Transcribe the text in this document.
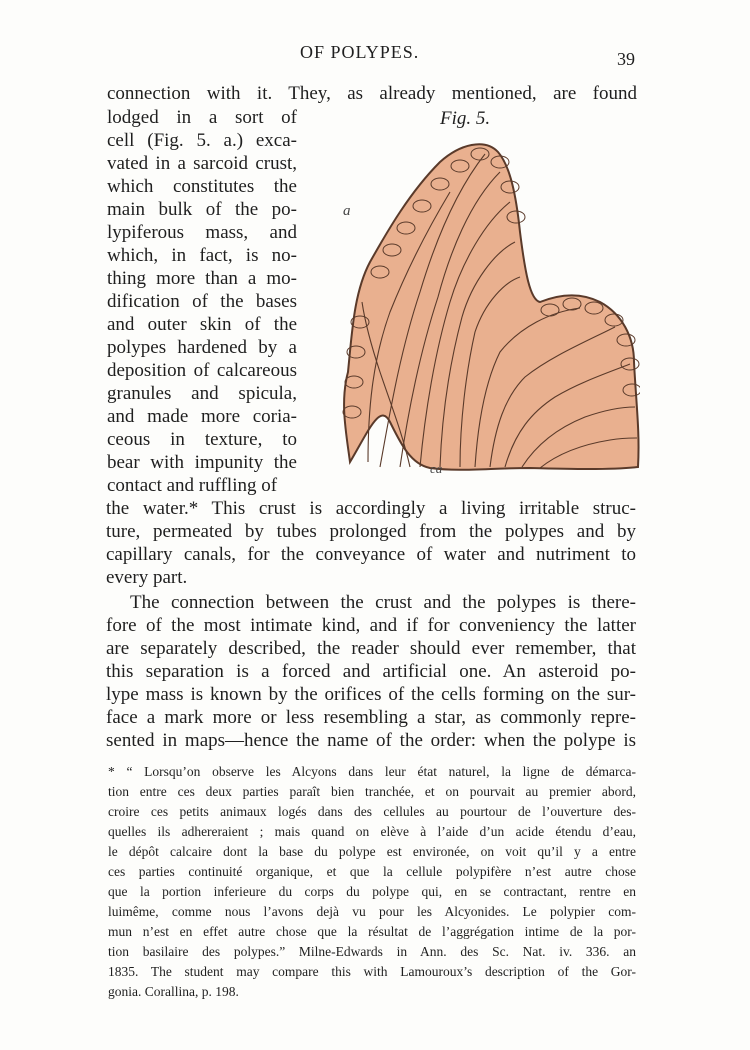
OF POLYPES.	39
connection with it. They, as already mentioned, are found
Fig. 5.
a
ca
lodged in a sort of
cell (Fig. 5. a.) exca-
vated in a sarcoid crust,
which constitutes the
main bulk of the po-
lypiferous mass, and
which, in fact, is no-
thing more than a mo-
dification of the bases
and outer skin of the
polypes hardened by a
deposition of calcareous
granules and spicula,
and made more coria-
ceous in texture, to
bear with impunity the
contact and ruffling of
the water.* This crust is accordingly a living irritable struc-
ture, permeated by tubes prolonged from the polypes and by
capillary canals, for the conveyance of water and nutriment to
every part.
The connection between the crust and the polypes is there-
fore of the most intimate kind, and if for conveniency the latter
are separately described, the reader should ever remember, that
this separation is a forced and artificial one. An asteroid po-
lype mass is known by the orifices of the cells forming on the sur-
face a mark more or less resembling a star, as commonly repre-
sented in maps—hence the name of the order: when the polype is
* “ Lorsqu’on observe les Alcyons dans leur état naturel, la ligne de démarca-
tion entre ces deux parties paraît bien tranchée, et on pourvait au premier abord,
croire ces petits animaux logés dans des cellules au pourtour de l’ouverture des-
quelles ils adhereraient ; mais quand on elève à l’aide d’un acide étendu d’eau,
le dépôt calcaire dont la base du polype est environée, on voit qu’il y a entre
ces parties continuité organique, et que la cellule polypifère n’est autre chose
que la portion inferieure du corps du polype qui, en se contractant, rentre en
luimême, comme nous l’avons dejà vu pour les Alcyonides. Le polypier com-
mun n’est en effet autre chose que la résultat de l’aggrégation intime de la por-
tion basilaire des polypes.” Milne-Edwards in Ann. des Sc. Nat. iv. 336. an
1835. The student may compare this with Lamouroux’s description of the Gor-
gonia. Corallina, p. 198.
